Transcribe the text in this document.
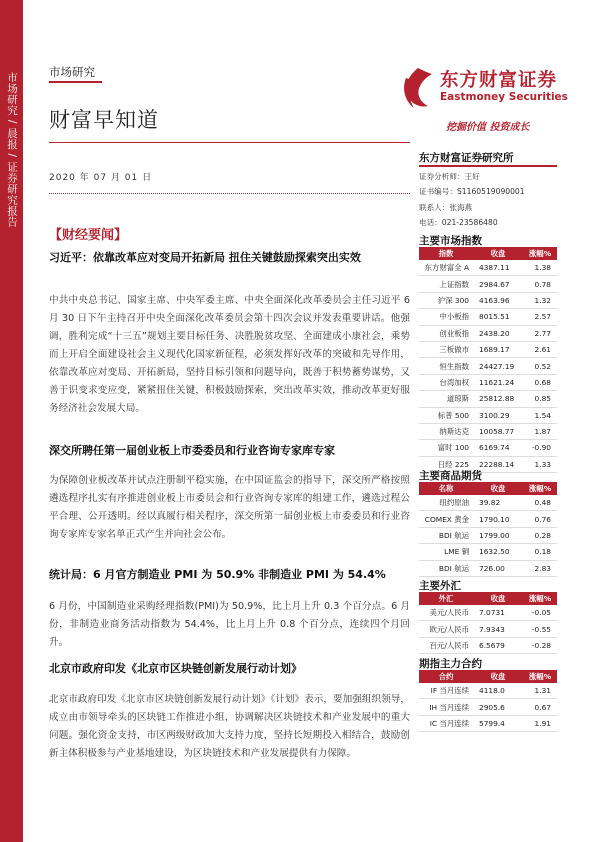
市场研究 / 晨报 / 证券研究报告	市场研究
财富早知道
东方财富证券
Eastmoney Securities
挖掘价值 投资成长
2020 年 07 月 01 日
【财经要闻】
习近平：依靠改革应对变局开拓新局 扭住关键鼓励探索突出实效
中共中央总书记、国家主席、中央军委主席、中央全面深化改革委员会主任习近平 6 月 30 日下午主持召开中央全面深化改革委员会第十四次会议并发表重要讲话。他强调，胜利完成“十三五”规划主要目标任务、决胜脱贫攻坚、全面建成小康社会，乘势而上开启全面建设社会主义现代化国家新征程，必须发挥好改革的突破和先导作用，依靠改革应对变局、开拓新局，坚持目标引领和问题导向，既善于积势蓄势谋势，又善于识变求变应变，紧紧扭住关键，积极鼓励探索，突出改革实效，推动改革更好服务经济社会发展大局。
深交所聘任第一届创业板上市委委员和行业咨询专家库专家
为保障创业板改革并试点注册制平稳实施，在中国证监会的指导下，深交所严格按照遴选程序扎实有序推进创业板上市委员会和行业咨询专家库的组建工作，遴选过程公平合理、公开透明。经以真履行相关程序，深交所第一届创业板上市委委员和行业咨询专家库专家名单正式产生并向社会公布。
统计局：6 月官方制造业 PMI 为 50.9% 非制造业 PMI 为 54.4%
6 月份，中国制造业采购经理指数(PMI)为 50.9%，比上月上升 0.3 个百分点。6 月份，非制造业商务活动指数为 54.4%，比上月上升 0.8 个百分点，连续四个月回升。
北京市政府印发《北京市区块链创新发展行动计划》
北京市政府印发《北京市区块链创新发展行动计划》《计划》表示，要加强组织领导，成立由市领导牵头的区块链工作推进小组，协调解决区块链技术和产业发展中的重大问题。强化资金支持，市区两级财政加大支持力度，坚持长短期投入相结合，鼓励创新主体积极参与产业基地建设，为区块链技术和产业发展提供有力保障。
东方财富证券研究所
证券分析师：王好
证书编号：S1160519090001
联系人：张海燕
电话：021-23586480
主要市场指数
指数	收盘	涨幅%
东方财富全 A	4387.11	1.38
上证指数	2984.67	0.78
沪深 300	4163.96	1.32
中小板指	8015.51	2.57
创业板指	2438.20	2.77
三板做市	1689.17	2.61
恒生指数	24427.19	0.52
台湾加权	11621.24	0.68
道琼斯	25812.88	0.85
标普 500	3100.29	1.54
纳斯达克	10058.77	1.87
富时 100	6169.74	-0.90
日经 225	22288.14	1.33
主要商品期货
名称	收盘	涨幅%
纽约原油	39.82	0.48
COMEX 黄金	1790.10	0.76
BDI 航运	1799.00	0.28
LME 铜	1632.50	0.18
BDI 航运	726.00	2.83
主要外汇
外汇	收盘	涨幅%
美元/人民币	7.0731	-0.05
欧元/人民币	7.9343	-0.55
百元/人民币	6.5679	-0.28
期指主力合约
合约	收盘	涨幅%
IF 当月连续	4118.0	1.31
IH 当月连续	2905.6	0.67
IC 当月连续	5799.4	1.91
